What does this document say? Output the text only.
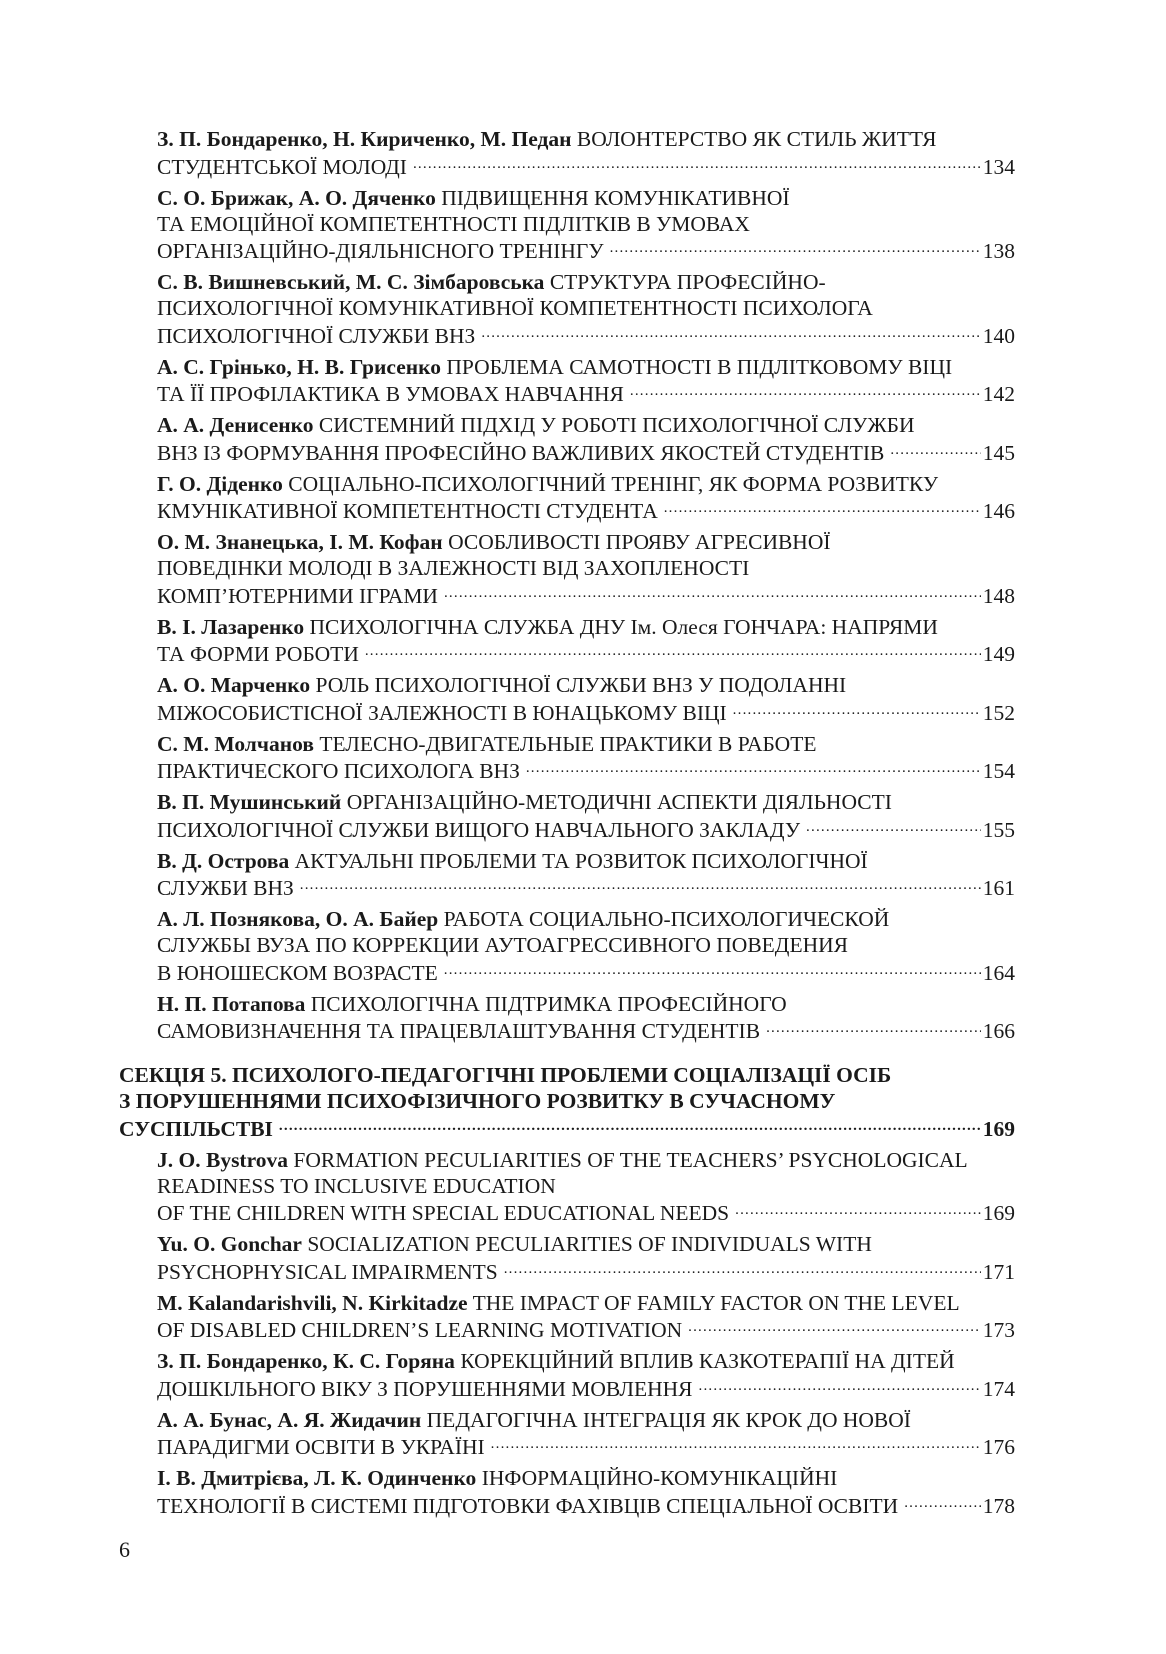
З. П. Бондаренко, Н. Кириченко, М. Педан ВОЛОНТЕРСТВО ЯК СТИЛЬ ЖИТТЯ
СТУДЕНТСЬКОЇ МОЛОДІ .....	134
С. О. Брижак, А. О. Дяченко ПІДВИЩЕННЯ КОМУНІКАТИВНОЇ
ТА ЕМОЦІЙНОЇ КОМПЕТЕНТНОСТІ ПІДЛІТКІВ В УМОВАХ
ОРГАНІЗАЦІЙНО-ДІЯЛЬНІСНОГО ТРЕНІНГУ .....	138
С. В. Вишневський, М. С. Зімбаровська СТРУКТУРА ПРОФЕСІЙНО-
ПСИХОЛОГІЧНОЇ КОМУНІКАТИВНОЇ КОМПЕТЕНТНОСТІ ПСИХОЛОГА
ПСИХОЛОГІЧНОЇ СЛУЖБИ ВНЗ .....	140
А. С. Грінько, Н. В. Грисенко ПРОБЛЕМА САМОТНОСТІ В ПІДЛІТКОВОМУ ВІЦІ
ТА ЇЇ ПРОФІЛАКТИКА В УМОВАХ НАВЧАННЯ .....	142
А. А. Денисенко СИСТЕМНИЙ ПІДХІД У РОБОТІ ПСИХОЛОГІЧНОЇ СЛУЖБИ
ВНЗ ІЗ ФОРМУВАННЯ ПРОФЕСІЙНО ВАЖЛИВИХ ЯКОСТЕЙ СТУДЕНТІВ .....	145
Г. О. Діденко СОЦІАЛЬНО-ПСИХОЛОГІЧНИЙ ТРЕНІНГ, ЯК ФОРМА РОЗВИТКУ
КМУНІКАТИВНОЇ КОМПЕТЕНТНОСТІ СТУДЕНТА .....	146
О. М. Знанецька, І. М. Кофан ОСОБЛИВОСТІ ПРОЯВУ АГРЕСИВНОЇ
ПОВЕДІНКИ МОЛОДІ В ЗАЛЕЖНОСТІ ВІД ЗАХОПЛЕНОСТІ
КОМП’ЮТЕРНИМИ ІГРАМИ .....	148
В. І. Лазаренко ПСИХОЛОГІЧНА СЛУЖБА ДНУ Ім. Олеся ГОНЧАРА: НАПРЯМИ
ТА ФОРМИ РОБОТИ .....	149
А. О. Марченко РОЛЬ ПСИХОЛОГІЧНОЇ СЛУЖБИ ВНЗ У ПОДОЛАННІ
МІЖОСОБИСТІСНОЇ ЗАЛЕЖНОСТІ В ЮНАЦЬКОМУ ВІЦІ .....	152
С. М. Молчанов ТЕЛЕСНО-ДВИГАТЕЛЬНЫЕ ПРАКТИКИ В РАБОТЕ
ПРАКТИЧЕСКОГО ПСИХОЛОГА ВНЗ .....	154
В. П. Мушинський ОРГАНІЗАЦІЙНО-МЕТОДИЧНІ АСПЕКТИ ДІЯЛЬНОСТІ
ПСИХОЛОГІЧНОЇ СЛУЖБИ ВИЩОГО НАВЧАЛЬНОГО ЗАКЛАДУ .....	155
В. Д. Острова АКТУАЛЬНІ ПРОБЛЕМИ ТА РОЗВИТОК ПСИХОЛОГІЧНОЇ
СЛУЖБИ ВНЗ .....	161
А. Л. Познякова, О. А. Байер РАБОТА СОЦИАЛЬНО-ПСИХОЛОГИЧЕСКОЙ
СЛУЖБЫ ВУЗА ПО КОРРЕКЦИИ АУТОАГРЕССИВНОГО ПОВЕДЕНИЯ
В ЮНОШЕСКОМ ВОЗРАСТЕ .....	164
Н. П. Потапова ПСИХОЛОГІЧНА ПІДТРИМКА ПРОФЕСІЙНОГО
САМОВИЗНАЧЕННЯ ТА ПРАЦЕВЛАШТУВАННЯ СТУДЕНТІВ .....	166
СЕКЦІЯ 5. ПСИХОЛОГО-ПЕДАГОГІЧНІ ПРОБЛЕМИ СОЦІАЛІЗАЦІЇ ОСІБ
З ПОРУШЕННЯМИ ПСИХОФІЗИЧНОГО РОЗВИТКУ В СУЧАСНОМУ
СУСПІЛЬСТВІ .....	169
J. O. Bystrova FORMATION PECULIARITIES OF THE TEACHERS’ PSYCHOLOGICAL
READINESS TO INCLUSIVE EDUCATION
OF THE CHILDREN WITH SPECIAL EDUCATIONAL NEEDS .....	169
Yu. O. Gonchar SOCIALIZATION PECULIARITIES OF INDIVIDUALS WITH
PSYCHOPHYSICAL IMPAIRMENTS .....	171
M. Kalandarishvili, N. Kirkitadze THE IMPACT OF FAMILY FACTOR ON THE LEVEL
OF DISABLED CHILDREN’S LEARNING MOTIVATION .....	173
З. П. Бондаренко, К. С. Горяна КОРЕКЦІЙНИЙ ВПЛИВ КАЗКОТЕРАПІЇ НА ДІТЕЙ
ДОШКІЛЬНОГО ВІКУ З ПОРУШЕННЯМИ МОВЛЕННЯ .....	174
А. А. Бунас, А. Я. Жидачин ПЕДАГОГІЧНА ІНТЕГРАЦІЯ ЯК КРОК ДО НОВОЇ
ПАРАДИГМИ ОСВІТИ В УКРАЇНІ .....	176
І. В. Дмитрієва, Л. К. Одинченко ІНФОРМАЦІЙНО-КОМУНІКАЦІЙНІ
ТЕХНОЛОГІЇ В СИСТЕМІ ПІДГОТОВКИ ФАХІВЦІВ СПЕЦІАЛЬНОЇ ОСВІТИ .....	178
6
